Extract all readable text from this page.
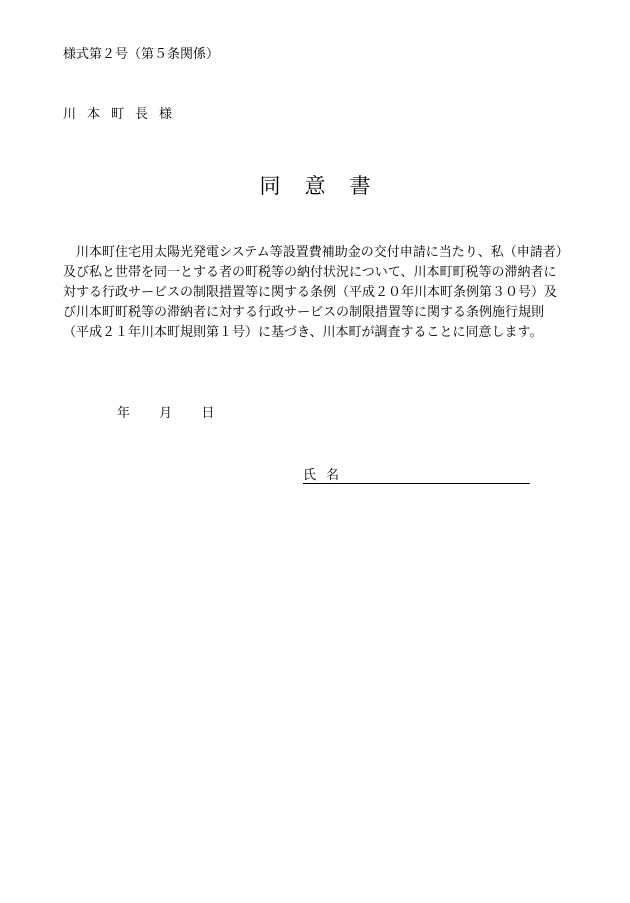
様式第２号（第５条関係）
川本町長様
同意書
　川本町住宅用太陽光発電システム等設置費補助金の交付申請に当たり、私（申請者）
及び私と世帯を同一とする者の町税等の納付状況について、川本町町税等の滞納者に
対する行政サービスの制限措置等に関する条例（平成２０年川本町条例第３０号）及
び川本町町税等の滞納者に対する行政サービスの制限措置等に関する条例施行規則
（平成２１年川本町規則第１号）に基づき、川本町が調査することに同意します。
年 月 日
氏名
